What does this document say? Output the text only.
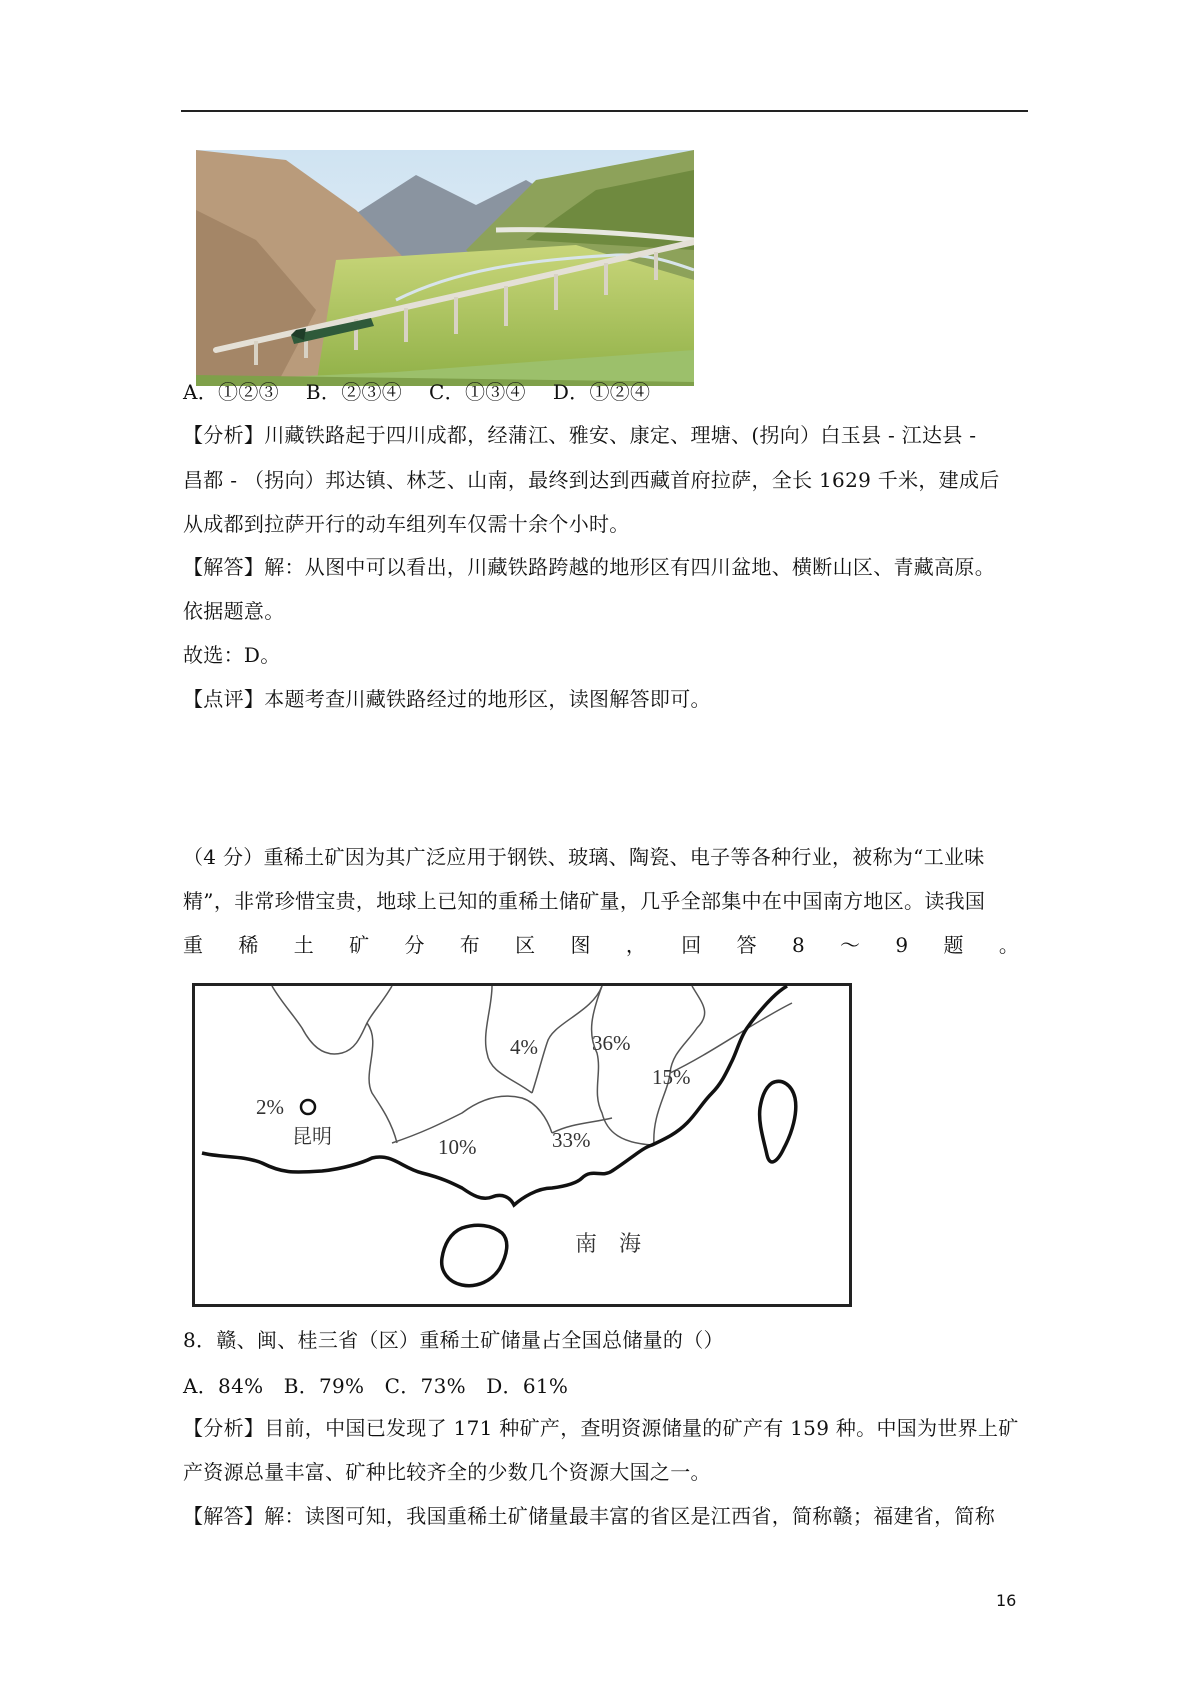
A．①②③　 B．②③④　 C．①③④　 D．①②④
【分析】川藏铁路起于四川成都，经蒲江、雅安、康定、理塘、(拐向）白玉县 - 江达县 -
昌都 - （拐向）邦达镇、林芝、山南，最终到达到西藏首府拉萨，全长 1629 千米，建成后
从成都到拉萨开行的动车组列车仅需十余个小时。
【解答】解：从图中可以看出，川藏铁路跨越的地形区有四川盆地、横断山区、青藏高原。
依据题意。
故选：D。
【点评】本题考查川藏铁路经过的地形区，读图解答即可。
（4 分）重稀土矿因为其广泛应用于钢铁、玻璃、陶瓷、电子等各种行业，被称为“工业味
精”，非常珍惜宝贵，地球上已知的重稀土储矿量，几乎全部集中在中国南方地区。读我国
重 稀 土 矿 分 布 区 图 ， 回 答 8 ～ 9 题 。
2%
昆明	10%
4%	36%
15%
33%
南　海
8．赣、闽、桂三省（区）重稀土矿储量占全国总储量的（）
A．84%　B．79%　C．73%　D．61%
【分析】目前，中国已发现了 171 种矿产，查明资源储量的矿产有 159 种。中国为世界上矿
产资源总量丰富、矿种比较齐全的少数几个资源大国之一。
【解答】解：读图可知，我国重稀土矿储量最丰富的省区是江西省，简称赣；福建省，简称
16
